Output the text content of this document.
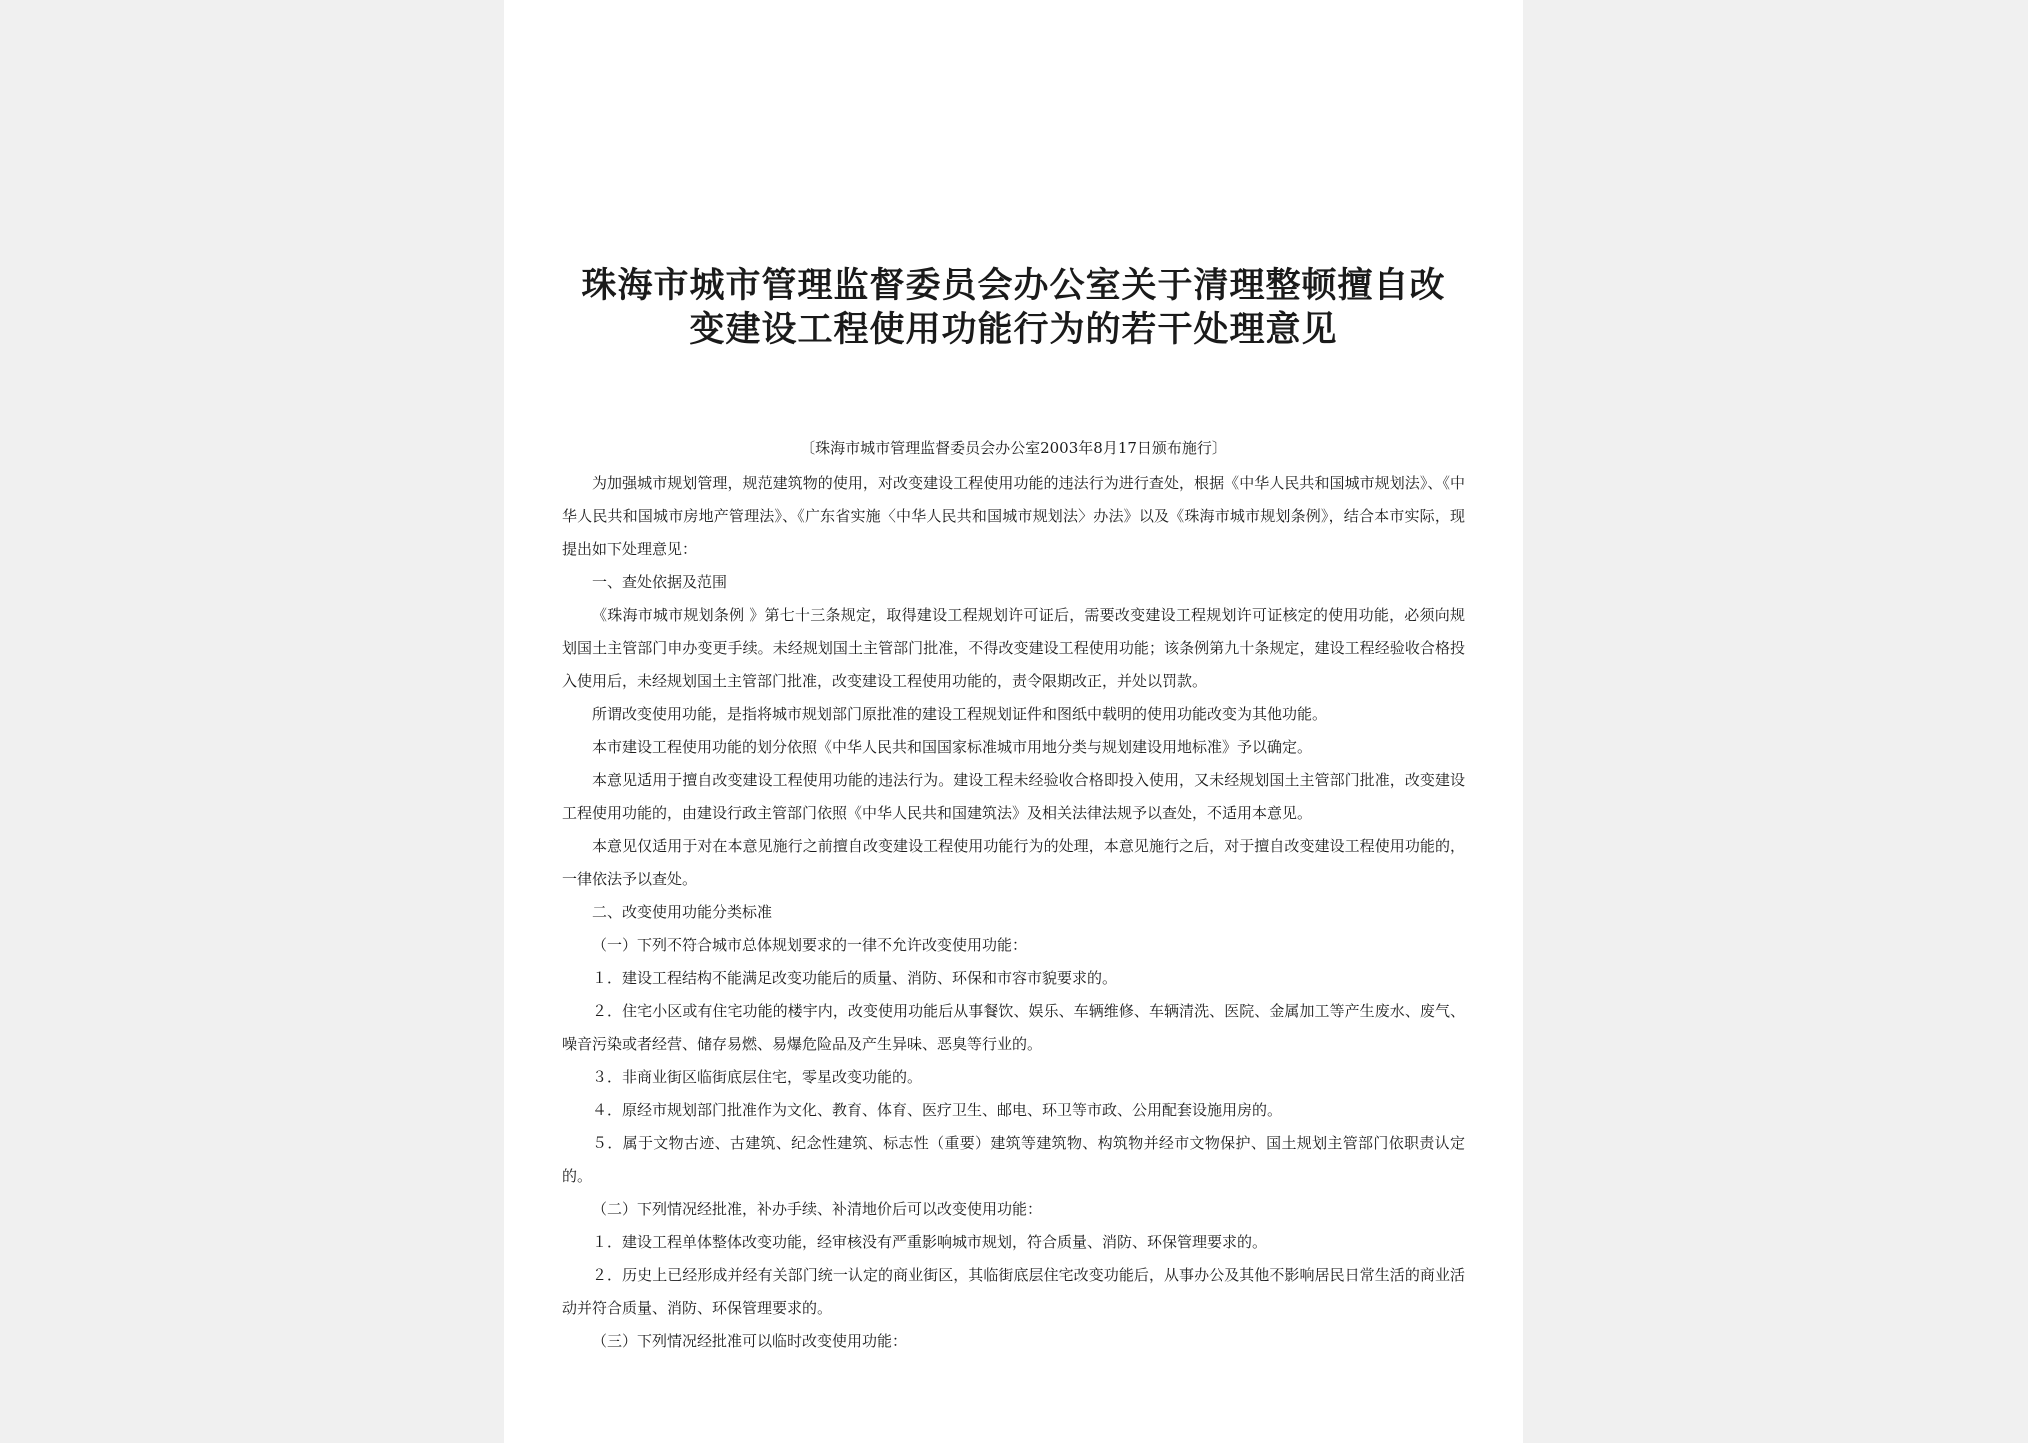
珠海市城市管理监督委员会办公室关于清理整顿擅自改
变建设工程使用功能行为的若干处理意见
〔珠海市城市管理监督委员会办公室2003年8月17日颁布施行〕

为加强城市规划管理，规范建筑物的使用，对改变建设工程使用功能的违法行为进行查处，根据《中华人民共和国城市规划法》、《中华人民共和国城市房地产管理法》、《广东省实施〈中华人民共和国城市规划法〉办法》以及《珠海市城市规划条例》，结合本市实际，现提出如下处理意见：

一、查处依据及范围

《珠海市城市规划条例 》第七十三条规定，取得建设工程规划许可证后，需要改变建设工程规划许可证核定的使用功能，必须向规划国土主管部门申办变更手续。未经规划国土主管部门批准，不得改变建设工程使用功能；该条例第九十条规定，建设工程经验收合格投入使用后，未经规划国土主管部门批准，改变建设工程使用功能的，责令限期改正，并处以罚款。

所谓改变使用功能，是指将城市规划部门原批准的建设工程规划证件和图纸中载明的使用功能改变为其他功能。

本市建设工程使用功能的划分依照《中华人民共和国国家标准城市用地分类与规划建设用地标准》予以确定。

本意见适用于擅自改变建设工程使用功能的违法行为。建设工程未经验收合格即投入使用，又未经规划国土主管部门批准，改变建设工程使用功能的，由建设行政主管部门依照《中华人民共和国建筑法》及相关法律法规予以查处，不适用本意见。

本意见仅适用于对在本意见施行之前擅自改变建设工程使用功能行为的处理，本意见施行之后，对于擅自改变建设工程使用功能的，一律依法予以查处。

二、改变使用功能分类标准

（一）下列不符合城市总体规划要求的一律不允许改变使用功能：

１．建设工程结构不能满足改变功能后的质量、消防、环保和市容市貌要求的。

２．住宅小区或有住宅功能的楼宇内，改变使用功能后从事餐饮、娱乐、车辆维修、车辆清洗、医院、金属加工等产生废水、废气、噪音污染或者经营、储存易燃、易爆危险品及产生异味、恶臭等行业的。

３．非商业街区临街底层住宅，零星改变功能的。

４．原经市规划部门批准作为文化、教育、体育、医疗卫生、邮电、环卫等市政、公用配套设施用房的。

５．属于文物古迹、古建筑、纪念性建筑、标志性（重要）建筑等建筑物、构筑物并经市文物保护、国土规划主管部门依职责认定的。

（二）下列情况经批准，补办手续、补清地价后可以改变使用功能：

１．建设工程单体整体改变功能，经审核没有严重影响城市规划，符合质量、消防、环保管理要求的。

２．历史上已经形成并经有关部门统一认定的商业街区，其临街底层住宅改变功能后，从事办公及其他不影响居民日常生活的商业活动并符合质量、消防、环保管理要求的。

（三）下列情况经批准可以临时改变使用功能：
